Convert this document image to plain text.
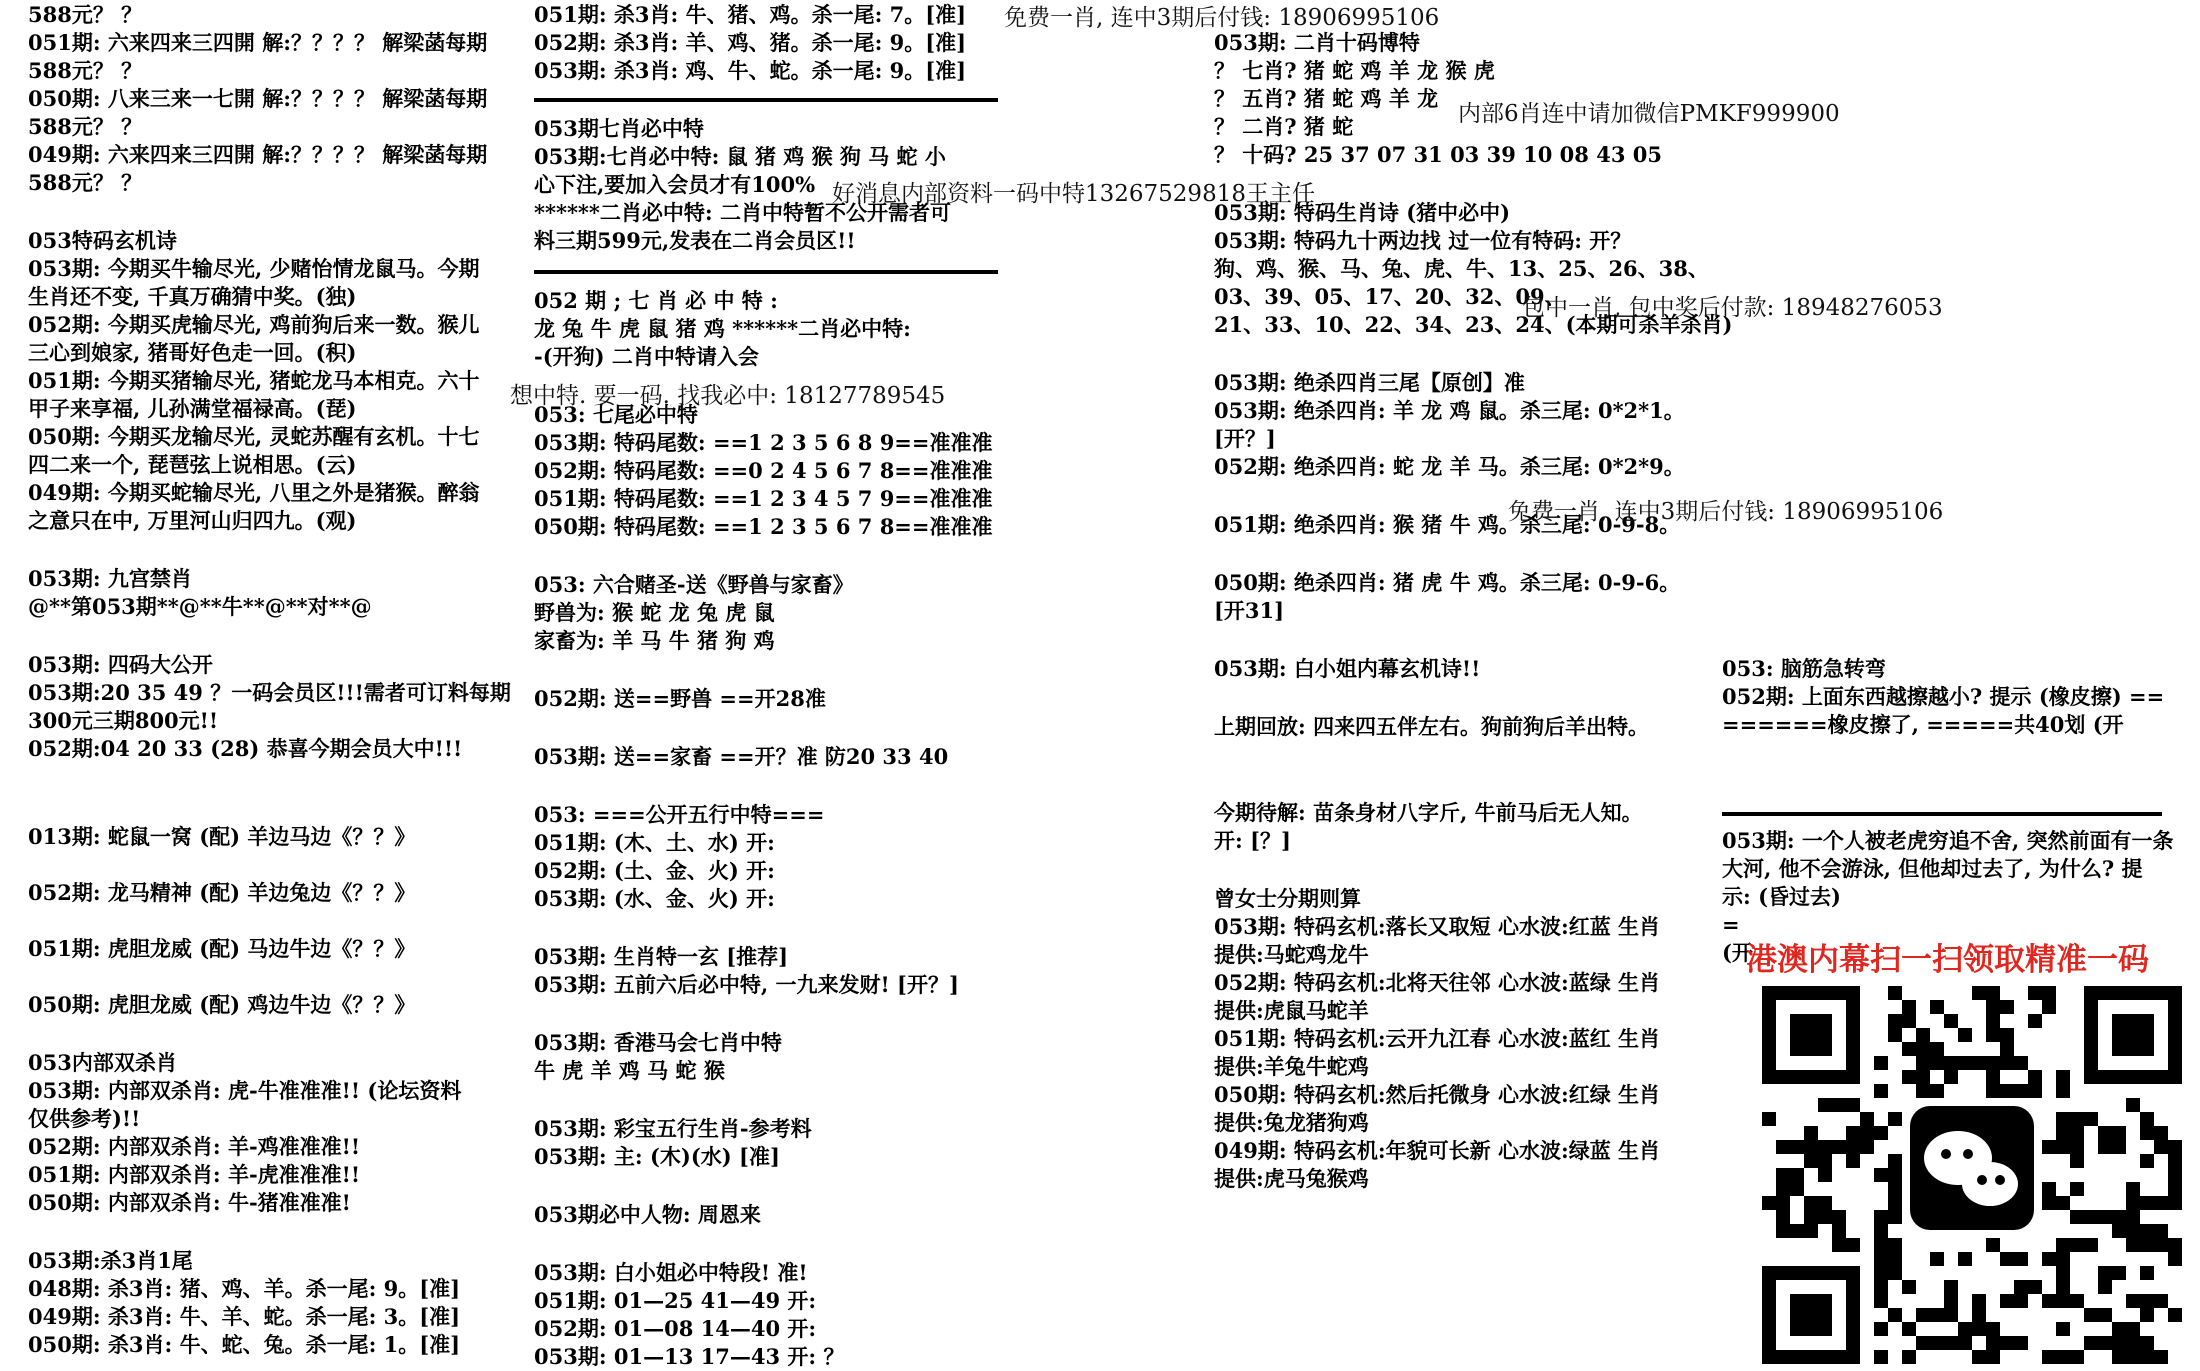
588元？ ？
051期: 六来四来三四開 解:？？？？ 解梁菡每期
588元？ ？
050期: 八来三来一七開 解:？？？？ 解梁菡每期
588元？ ？
049期: 六来四来三四開 解:？？？？ 解梁菡每期
588元？ ？
053特码玄机诗
053期: 今期买牛输尽光, 少赌怡情龙鼠马。今期
生肖还不变, 千真万确猜中奖。(独)
052期: 今期买虎输尽光, 鸡前狗后来一数。猴儿
三心到娘家, 猪哥好色走一回。(积)
051期: 今期买猪输尽光, 猪蛇龙马本相克。六十
甲子来享福, 儿孙满堂福禄高。(琵)
050期: 今期买龙输尽光, 灵蛇苏醒有玄机。十七
四二来一个, 琵琶弦上说相思。(云)
049期: 今期买蛇输尽光, 八里之外是猪猴。醉翁
之意只在中, 万里河山归四九。(观)
053期: 九宫禁肖
@**第053期**@**牛**@**对**@
053期: 四码大公开
053期:20 35 49 ？一码会员区!!!需者可订料每期
300元三期800元!!
052期:04 20 33 (28) 恭喜今期会员大中!!!
013期: 蛇鼠一窝 (配) 羊边马边《？？》
052期: 龙马精神 (配) 羊边兔边《？？》
051期: 虎胆龙威 (配) 马边牛边《？？》
050期: 虎胆龙威 (配) 鸡边牛边《？？》
053内部双杀肖
053期: 内部双杀肖: 虎-牛准准准!! (论坛资料
仅供参考)!!
052期: 内部双杀肖: 羊-鸡准准准!!
051期: 内部双杀肖: 羊-虎准准准!!
050期: 内部双杀肖: 牛-猪准准准!
053期:杀3肖1尾
048期: 杀3肖: 猪、鸡、羊。杀一尾: 9。[准]
049期: 杀3肖: 牛、羊、蛇。杀一尾: 3。[准]
050期: 杀3肖: 牛、蛇、兔。杀一尾: 1。[准]
051期: 杀3肖: 牛、猪、鸡。杀一尾: 7。[准]
052期: 杀3肖: 羊、鸡、猪。杀一尾: 9。[准]
053期: 杀3肖: 鸡、牛、蛇。杀一尾: 9。[准]
053期七肖必中特
053期:七肖必中特: 鼠 猪 鸡 猴 狗 马 蛇 小
心下注,要加入会员才有100%
******二肖必中特: 二肖中特暂不公开需者可
料三期599元,发表在二肖会员区!!
052 期 ; 七 肖 必 中 特 :
龙 兔 牛 虎 鼠 猪 鸡 ******二肖必中特:
-(开狗) 二肖中特请入会
053: 七尾必中特
053期: 特码尾数: ==1 2 3 5 6 8 9==准准准
052期: 特码尾数: ==0 2 4 5 6 7 8==准准准
051期: 特码尾数: ==1 2 3 4 5 7 9==准准准
050期: 特码尾数: ==1 2 3 5 6 7 8==准准准
053: 六合赌圣-送《野兽与家畜》
野兽为: 猴 蛇 龙 兔 虎 鼠
家畜为: 羊 马 牛 猪 狗 鸡
052期: 送==野兽 ==开28准
053期: 送==家畜 ==开？准 防20 33 40
053: ===公开五行中特===
051期: (木、土、水) 开:
052期: (土、金、火) 开:
053期: (水、金、火) 开:
053期: 生肖特一玄 [推荐]
053期: 五前六后必中特, 一九来发财! [开？]
053期: 香港马会七肖中特
牛 虎 羊 鸡 马 蛇 猴
053期: 彩宝五行生肖-参考料
053期: 主: (木)(水) [准]
053期必中人物: 周恩来
053期: 白小姐必中特段! 准!
051期: 01—25 41—49 开:
052期: 01—08 14—40 开:
053期: 01—13 17—43 开: ？
053期: 二肖十码博特
？ 七肖? 猪 蛇 鸡 羊 龙 猴 虎
？ 五肖? 猪 蛇 鸡 羊 龙
？ 二肖? 猪 蛇
？ 十码? 25 37 07 31 03 39 10 08 43 05
053期: 特码生肖诗 (猪中必中)
053期: 特码九十两边找 过一位有特码: 开？
狗、鸡、猴、马、兔、虎、牛、13、25、26、38、
03、39、05、17、20、32、09、
21、33、10、22、34、23、24、(本期可杀羊杀肖)
053期: 绝杀四肖三尾【原创】准
053期: 绝杀四肖: 羊 龙 鸡 鼠。杀三尾: 0*2*1。
[开？]
052期: 绝杀四肖: 蛇 龙 羊 马。杀三尾: 0*2*9。
051期: 绝杀四肖: 猴 猪 牛 鸡。杀三尾: 0-9-8。
050期: 绝杀四肖: 猪 虎 牛 鸡。杀三尾: 0-9-6。
[开31]
053期: 白小姐内幕玄机诗!!
上期回放: 四来四五伴左右。狗前狗后羊出特。
今期待解: 苗条身材八字斤, 牛前马后无人知。
开: [？]
曾女士分期则算
053期: 特码玄机:落长又取短 心水波:红蓝 生肖
提供:马蛇鸡龙牛
052期: 特码玄机:北将天往邻 心水波:蓝绿 生肖
提供:虎鼠马蛇羊
051期: 特码玄机:云开九江春 心水波:蓝红 生肖
提供:羊兔牛蛇鸡
050期: 特码玄机:然后托微身 心水波:红绿 生肖
提供:兔龙猪狗鸡
049期: 特码玄机:年貌可长新 心水波:绿蓝 生肖
提供:虎马兔猴鸡
053: 脑筋急转弯
052期: 上面东西越擦越小? 提示 (橡皮擦) ==
======橡皮擦了, =====共40划 (开
053期: 一个人被老虎穷追不舍, 突然前面有一条
大河, 他不会游泳, 但他却过去了, 为什么? 提
示: (昏过去)
=
(开
港澳内幕扫一扫领取精准一码
免费一肖, 连中3期后付钱: 18906995106
内部6肖连中请加微信PMKF999900
好消息内部资料一码中特13267529818王主任
包中一肖, 包中奖后付款: 18948276053
想中特. 要一码. 找我必中: 18127789545
免费一肖, 连中3期后付钱: 18906995106
